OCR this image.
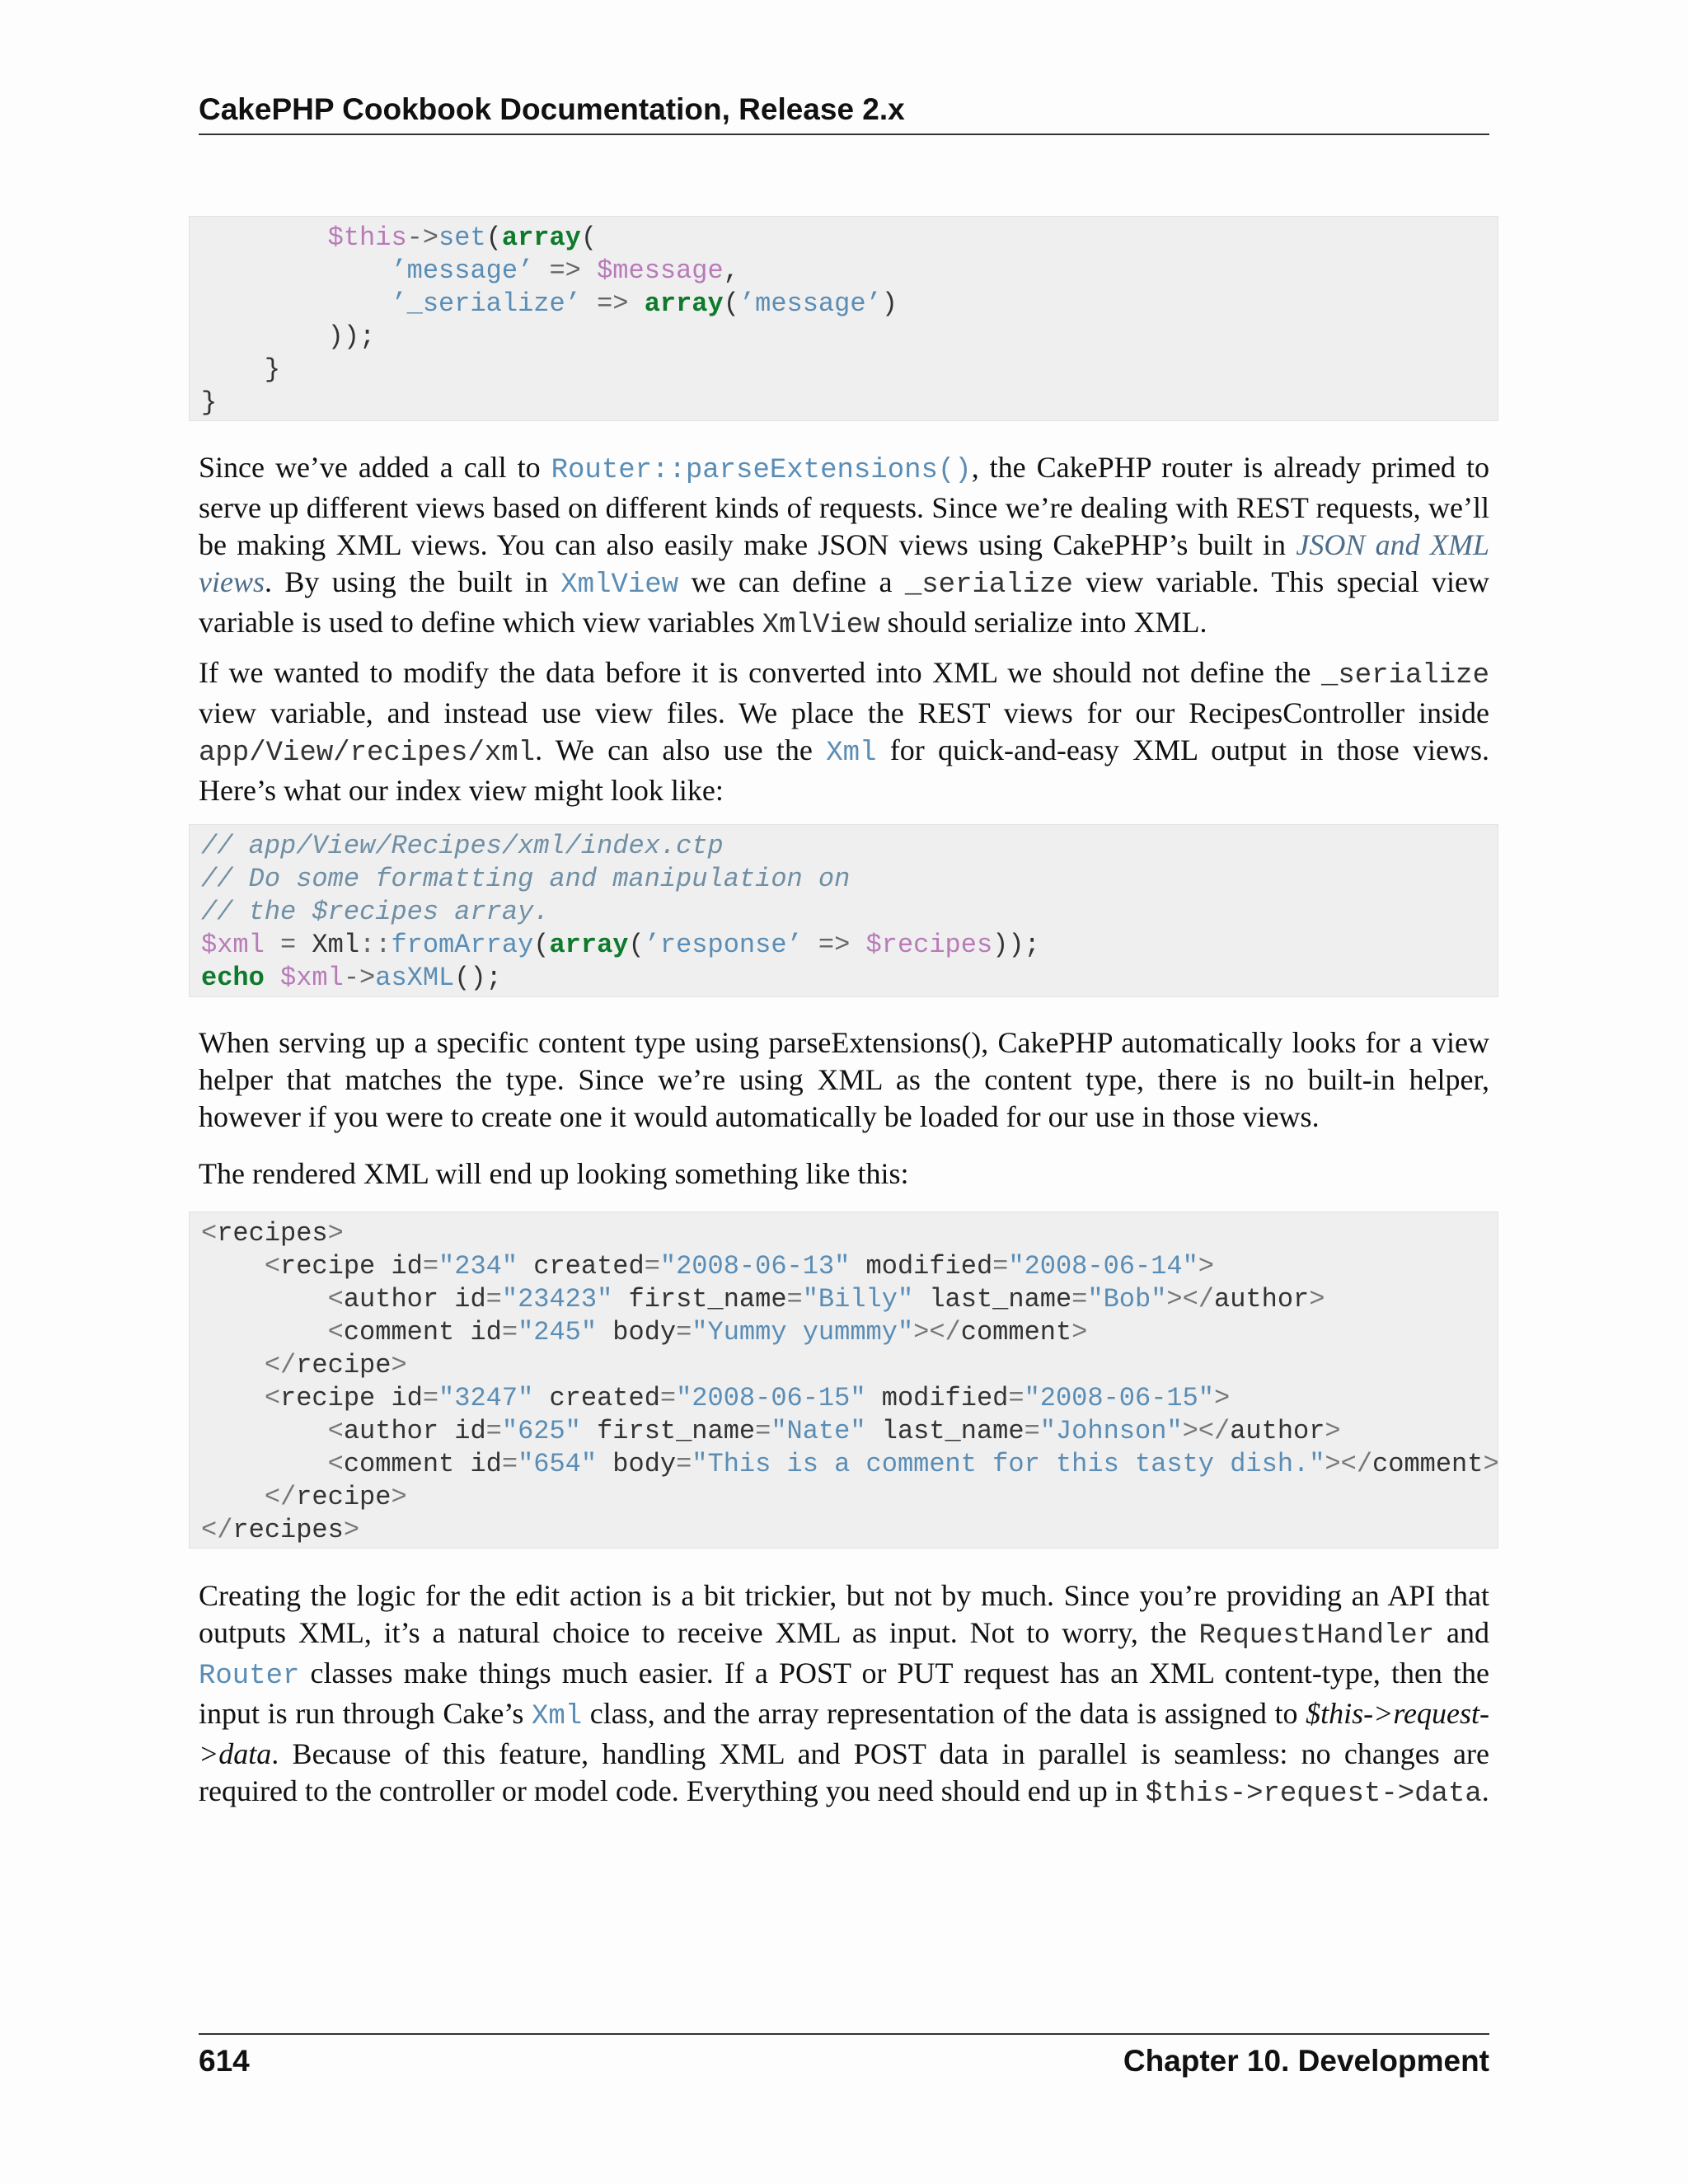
CakePHP Cookbook Documentation, Release 2.x
$this->set(array(
’message’ => $message,
’_serialize’ => array(’message’)
));
}
}
Since we’ve added a call to Router::parseExtensions(), the CakePHP router is already primed to serve up different views based on different kinds of requests. Since we’re dealing with REST requests, we’ll be making XML views. You can also easily make JSON views using CakePHP’s built in JSON and XML views. By using the built in XmlView we can define a _serialize view variable. This special view variable is used to define which view variables XmlView should serialize into XML.
If we wanted to modify the data before it is converted into XML we should not define the _serialize view variable, and instead use view files. We place the REST views for our RecipesController inside app/View/recipes/xml. We can also use the Xml for quick-and-easy XML output in those views. Here’s what our index view might look like:
// app/View/Recipes/xml/index.ctp
// Do some formatting and manipulation on
// the $recipes array.
$xml = Xml::fromArray(array(’response’ => $recipes));
echo $xml->asXML();
When serving up a specific content type using parseExtensions(), CakePHP automatically looks for a view helper that matches the type. Since we’re using XML as the content type, there is no built-in helper, however if you were to create one it would automatically be loaded for our use in those views.
The rendered XML will end up looking something like this:
<recipes>
<recipe id="234" created="2008-06-13" modified="2008-06-14">
<author id="23423" first_name="Billy" last_name="Bob"></author>
<comment id="245" body="Yummy yummmy"></comment>
</recipe>
<recipe id="3247" created="2008-06-15" modified="2008-06-15">
<author id="625" first_name="Nate" last_name="Johnson"></author>
<comment id="654" body="This is a comment for this tasty dish."></comment>
</recipe>
</recipes>
Creating the logic for the edit action is a bit trickier, but not by much. Since you’re providing an API that outputs XML, it’s a natural choice to receive XML as input. Not to worry, the RequestHandler and Router classes make things much easier. If a POST or PUT request has an XML content-type, then the input is run through Cake’s Xml class, and the array representation of the data is assigned to $this->request->data. Because of this feature, handling XML and POST data in parallel is seamless: no changes are required to the controller or model code. Everything you need should end up in $this->request->data.
614	Chapter 10. Development
